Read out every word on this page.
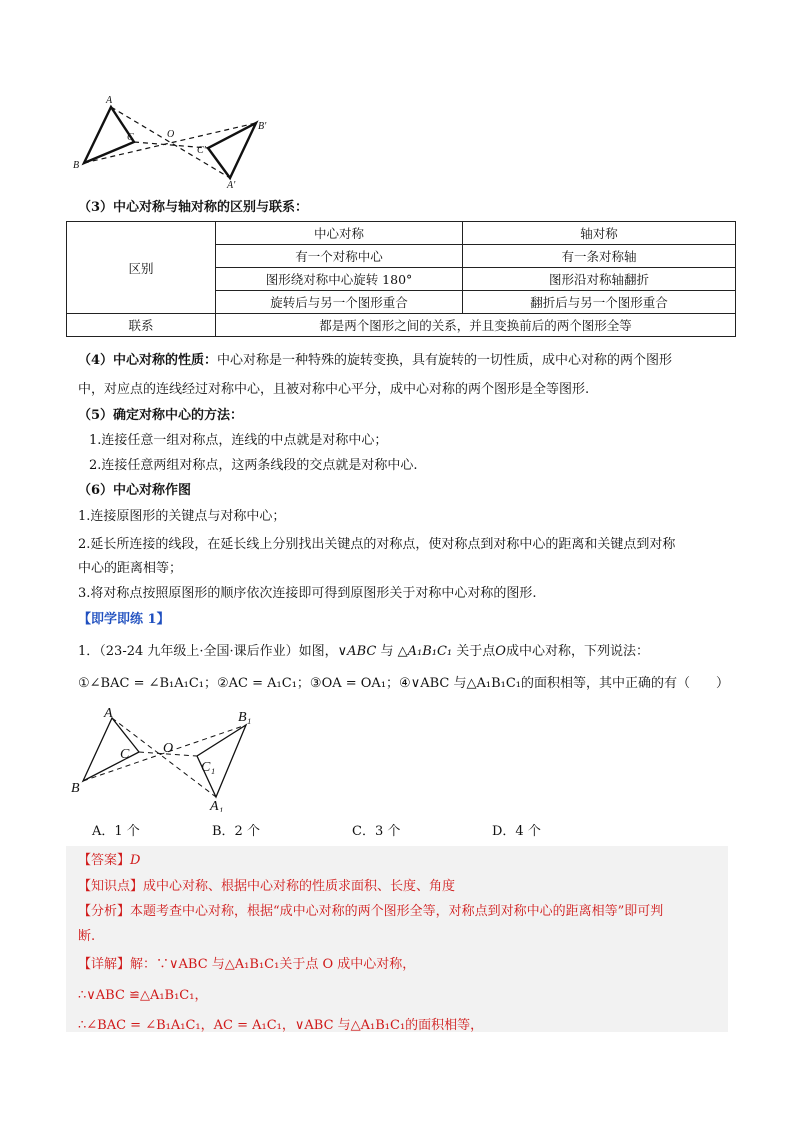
A
C	O
B'
C'
B
A'
（3）中心对称与轴对称的区别与联系：
区别	中心对称	轴对称
	有一个对称中心	有一条对称轴
	图形绕对称中心旋转 180°	图形沿对称轴翻折
	旋转后与另一个图形重合	翻折后与另一个图形重合
联系	都是两个图形之间的关系，并且变换前后的两个图形全等	
（4）中心对称的性质：中心对称是一种特殊的旋转变换，具有旋转的一切性质，成中心对称的两个图形
中，对应点的连线经过对称中心，且被对称中心平分，成中心对称的两个图形是全等图形.
（5）确定对称中心的方法：
1.连接任意一组对称点，连线的中点就是对称中心；
2.连接任意两组对称点，这两条线段的交点就是对称中心.
（6）中心对称作图
1.连接原图形的关键点与对称中心；
2.延长所连接的线段，在延长线上分别找出关键点的对称点，使对称点到对称中心的距离和关键点到对称
中心的距离相等；
3.将对称点按照原图形的顺序依次连接即可得到原图形关于对称中心对称的图形.
【即学即练 1】
1．（23-24 九年级上·全国·课后作业）如图，∨ABC 与 △A₁B₁C₁ 关于点O成中心对称，下列说法：
①∠BAC = ∠B₁A₁C₁；②AC = A₁C₁；③OA = OA₁；④∨ABC 与△A₁B₁C₁的面积相等，其中正确的有（　　）
A
C O
B
B₁
C₁
A₁
A．1 个	B．2 个	C．3 个	D．4 个
【答案】D
【知识点】成中心对称、根据中心对称的性质求面积、长度、角度
【分析】本题考查中心对称，根据“成中心对称的两个图形全等，对称点到对称中心的距离相等”即可判
断.
【详解】解：∵∨ABC 与△A₁B₁C₁关于点 O 成中心对称，
∴∨ABC ≌△A₁B₁C₁，
∴∠BAC = ∠B₁A₁C₁，AC = A₁C₁，∨ABC 与△A₁B₁C₁的面积相等，
